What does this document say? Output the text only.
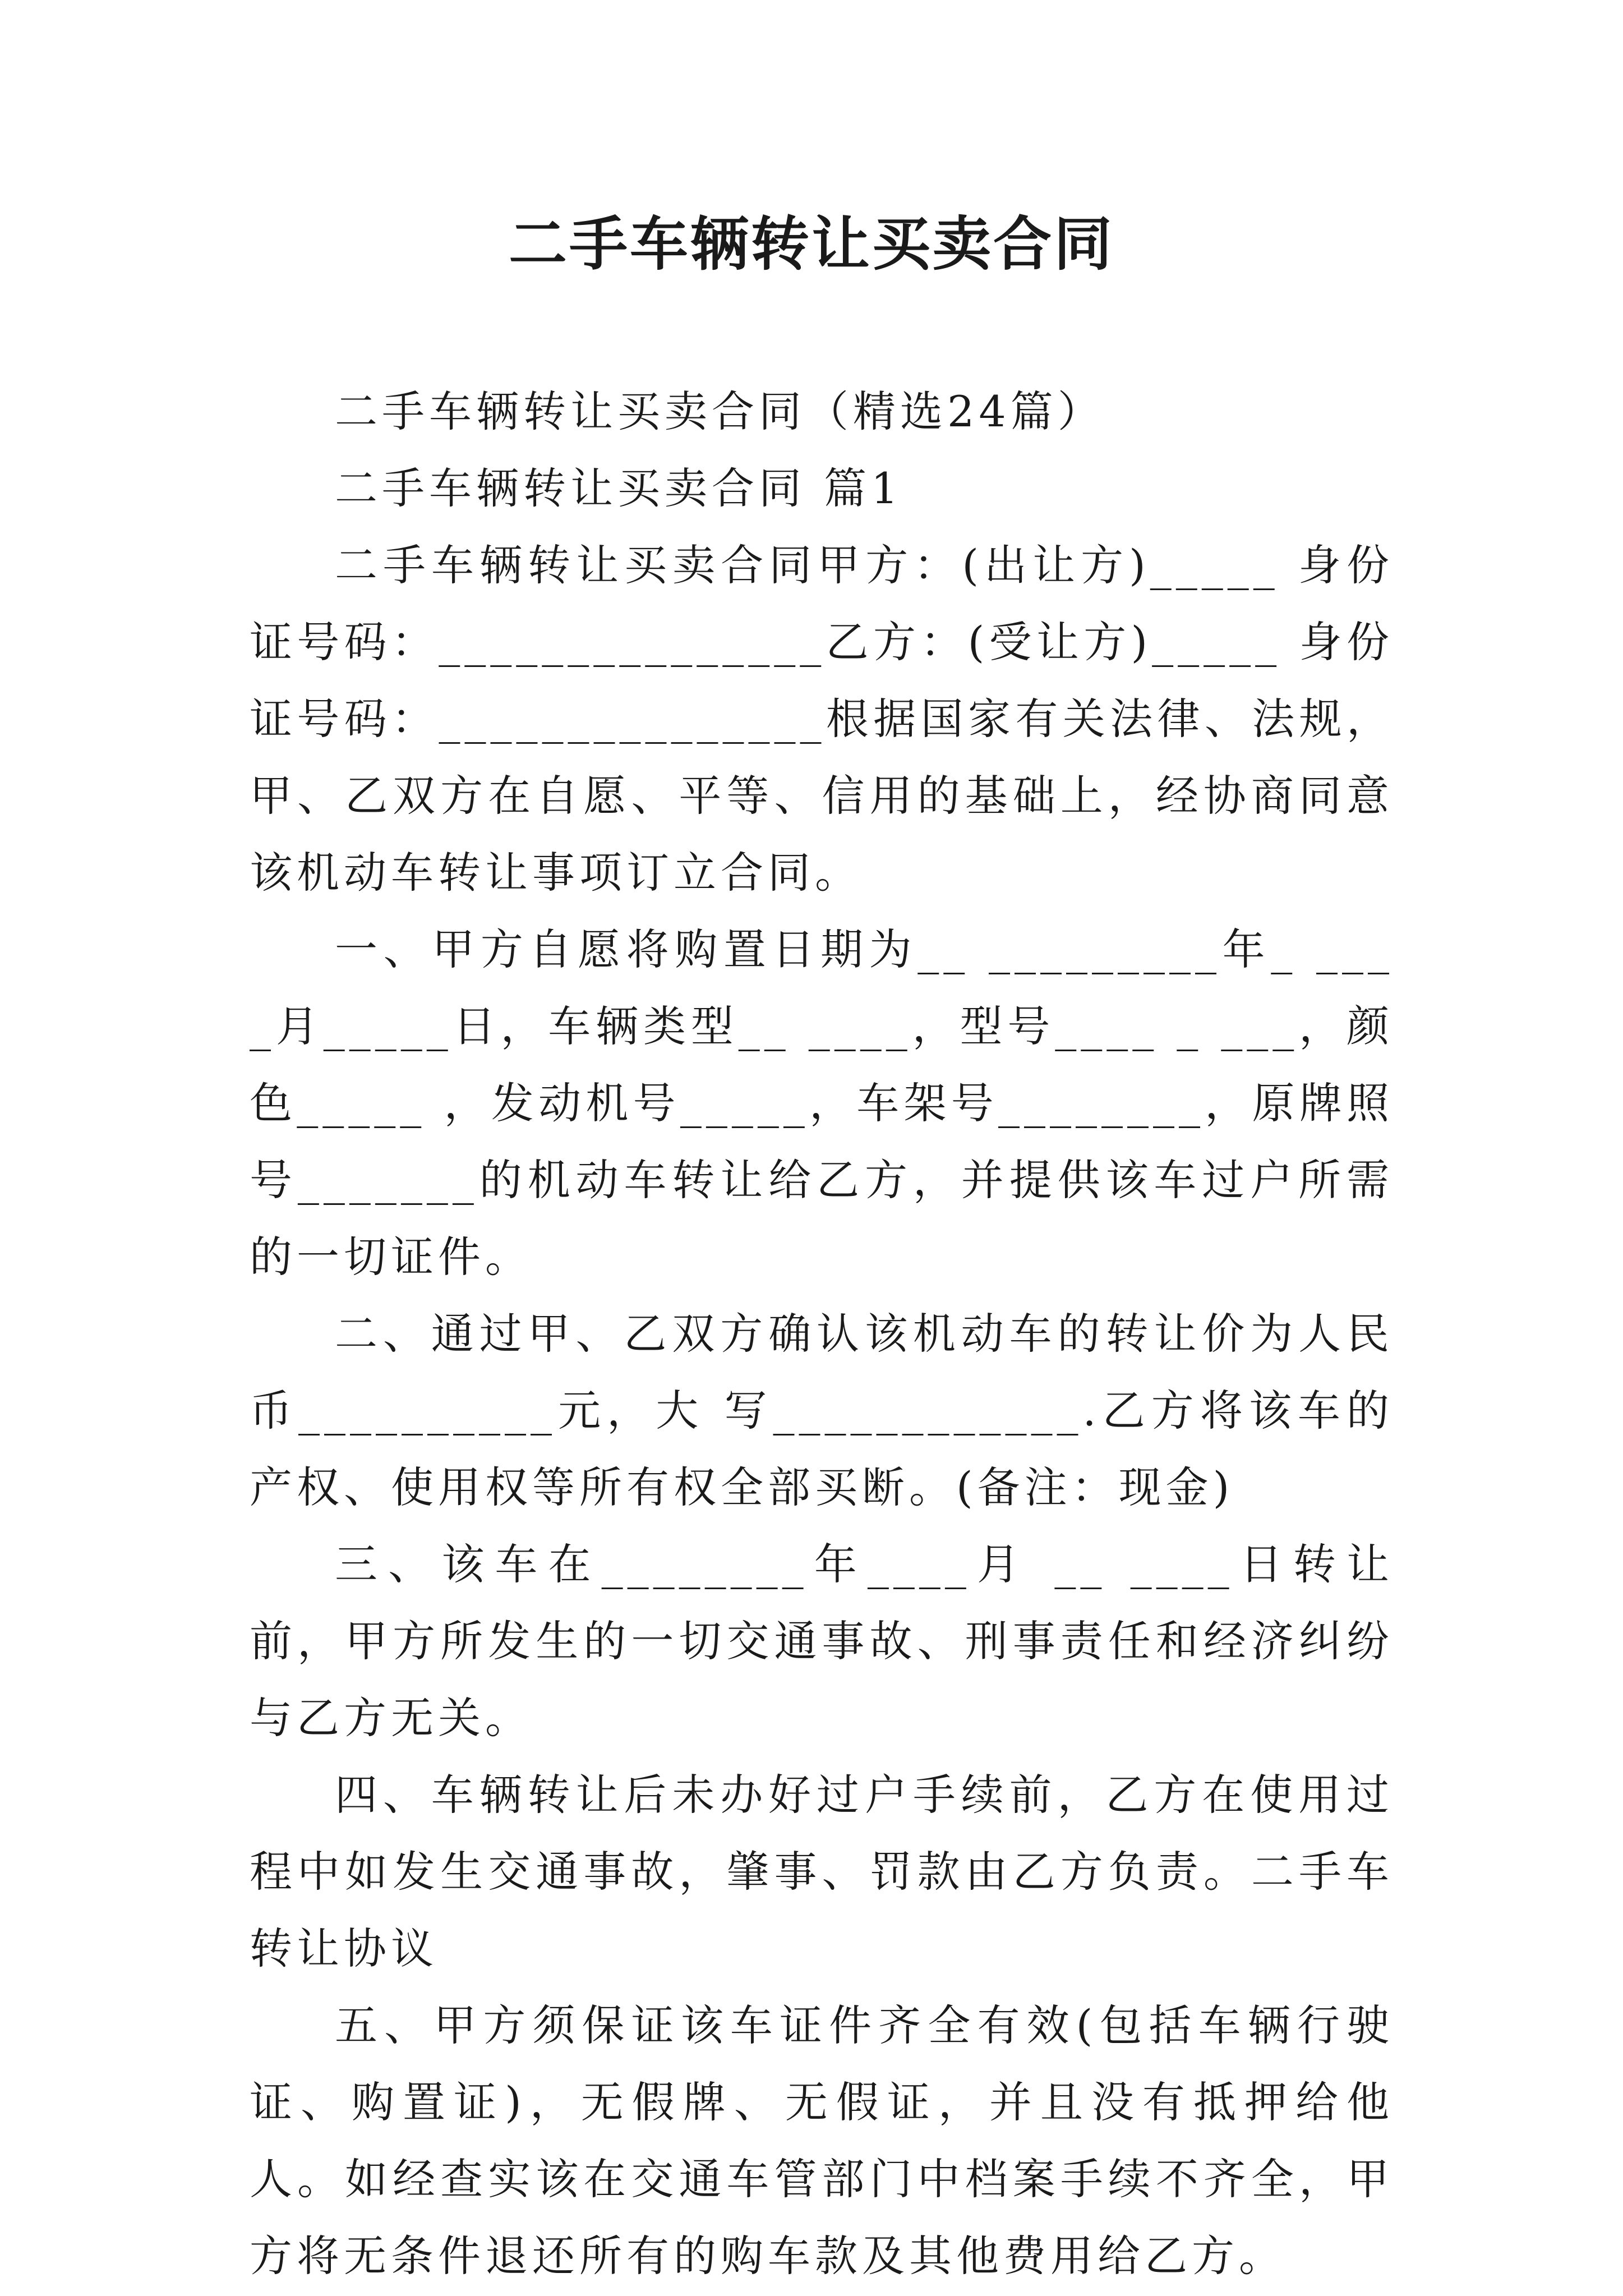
二手车辆转让买卖合同

二手车辆转让买卖合同（精选24篇）

二手车辆转让买卖合同 篇1

二手车辆转让买卖合同甲方：(出让方)_____ 身份证号码：_______________乙方：(受让方)_____ 身份证号码：_______________根据国家有关法律、法规，甲、乙双方在自愿、平等、信用的基础上，经协商同意该机动车转让事项订立合同。

一、甲方自愿将购置日期为__ _________年_ ____月_____日，车辆类型__ ____，型号____ _ ___，颜色_____ ，发动机号_____，车架号________，原牌照号_______的机动车转让给乙方，并提供该车过户所需的一切证件。

二、通过甲、乙双方确认该机动车的转让价为人民币__________元，大 写____________.乙方将该车的产权、使用权等所有权全部买断。(备注：现金)

三、该车在________年____月 __ ____日转让前，甲方所发生的一切交通事故、刑事责任和经济纠纷与乙方无关。

四、车辆转让后未办好过户手续前，乙方在使用过程中如发生交通事故，肇事、罚款由乙方负责。二手车转让协议

五、甲方须保证该车证件齐全有效(包括车辆行驶证、购置证)，无假牌、无假证，并且没有抵押给他人。如经查实该在交通车管部门中档案手续不齐全，甲方将无条件退还所有的购车款及其他费用给乙方。
